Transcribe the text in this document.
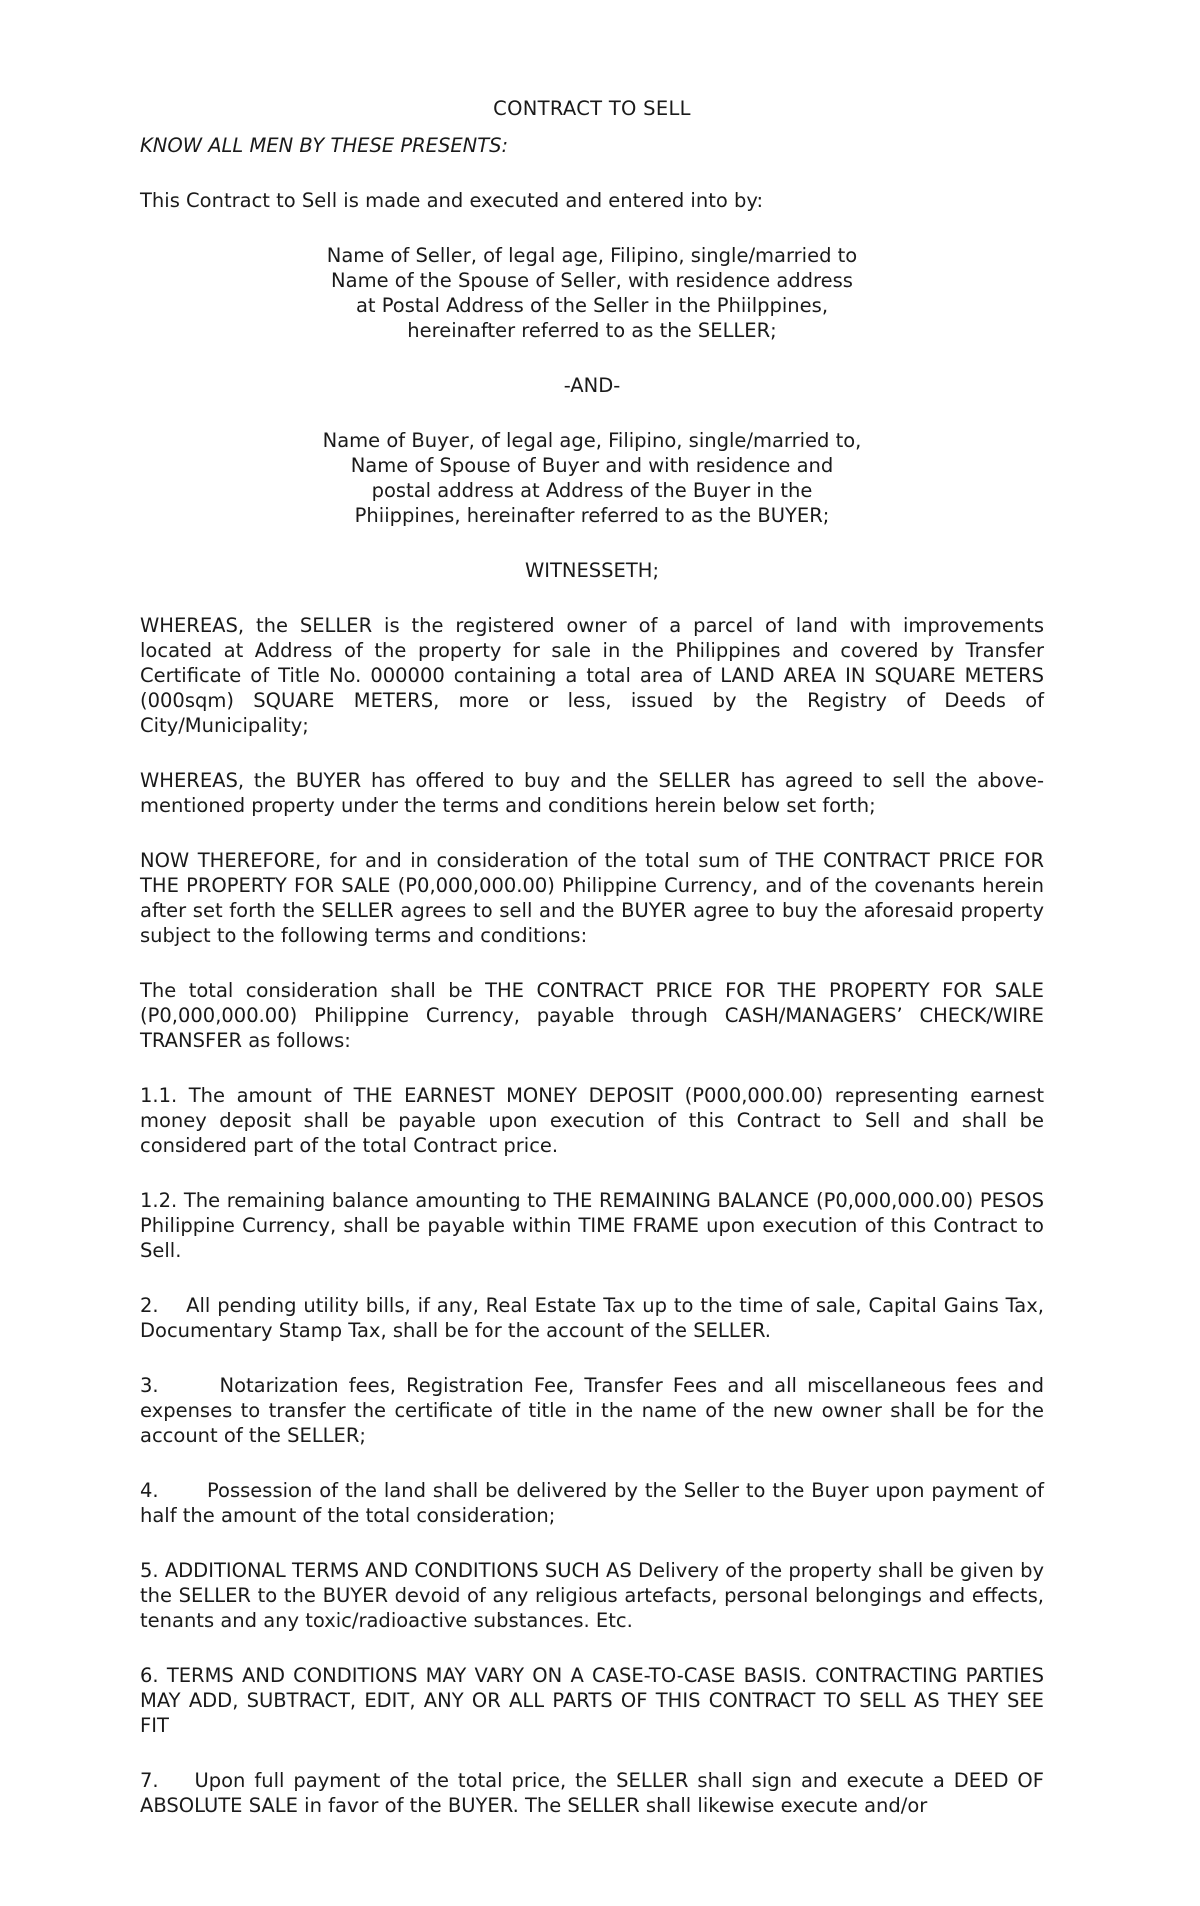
CONTRACT TO SELL
KNOW ALL MEN BY THESE PRESENTS:
This Contract to Sell is made and executed and entered into by:
Name of Seller, of legal age, Filipino, single/married to
Name of the Spouse of Seller, with residence address
at Postal Address of the Seller in the Phiilppines,
hereinafter referred to as the SELLER;
-AND-
Name of Buyer, of legal age, Filipino, single/married to,
Name of Spouse of Buyer and with residence and
postal address at Address of the Buyer in the
Phiippines, hereinafter referred to as the BUYER;
WITNESSETH;
WHEREAS, the SELLER is the registered owner of a parcel of land with improvements located at Address of the property for sale in the Philippines and covered by Transfer Certificate of Title No. 000000 containing a total area of LAND AREA IN SQUARE METERS (000sqm) SQUARE METERS, more or less, issued by the Registry of Deeds of City/Municipality;
WHEREAS, the BUYER has offered to buy and the SELLER has agreed to sell the above-mentioned property under the terms and conditions herein below set forth;
NOW THEREFORE, for and in consideration of the total sum of THE CONTRACT PRICE FOR THE PROPERTY FOR SALE (P0,000,000.00) Philippine Currency, and of the covenants herein after set forth the SELLER agrees to sell and the BUYER agree to buy the aforesaid property subject to the following terms and conditions:
The total consideration shall be THE CONTRACT PRICE FOR THE PROPERTY FOR SALE (P0,000,000.00) Philippine Currency, payable through CASH/MANAGERS’ CHECK/WIRE TRANSFER as follows:
1.1. The amount of THE EARNEST MONEY DEPOSIT (P000,000.00) representing earnest money deposit shall be payable upon execution of this Contract to Sell and shall be considered part of the total Contract price.
1.2. The remaining balance amounting to THE REMAINING BALANCE (P0,000,000.00) PESOS Philippine Currency, shall be payable within TIME FRAME upon execution of this Contract to Sell.
2.    All pending utility bills, if any, Real Estate Tax up to the time of sale, Capital Gains Tax, Documentary Stamp Tax, shall be for the account of the SELLER.
3.      Notarization fees, Registration Fee, Transfer Fees and all miscellaneous fees and expenses to transfer the certificate of title in the name of the new owner shall be for the account of the SELLER;
4.       Possession of the land shall be delivered by the Seller to the Buyer upon payment of half the amount of the total consideration;
5. ADDITIONAL TERMS AND CONDITIONS SUCH AS Delivery of the property shall be given by the SELLER to the BUYER devoid of any religious artefacts, personal belongings and effects, tenants and any toxic/radioactive substances. Etc.
6. TERMS AND CONDITIONS MAY VARY ON A CASE-TO-CASE BASIS. CONTRACTING PARTIES MAY ADD, SUBTRACT, EDIT, ANY OR ALL PARTS OF THIS CONTRACT TO SELL AS THEY SEE FIT
7.    Upon full payment of the total price, the SELLER shall sign and execute a DEED OF ABSOLUTE SALE in favor of the BUYER. The SELLER shall likewise execute and/or
